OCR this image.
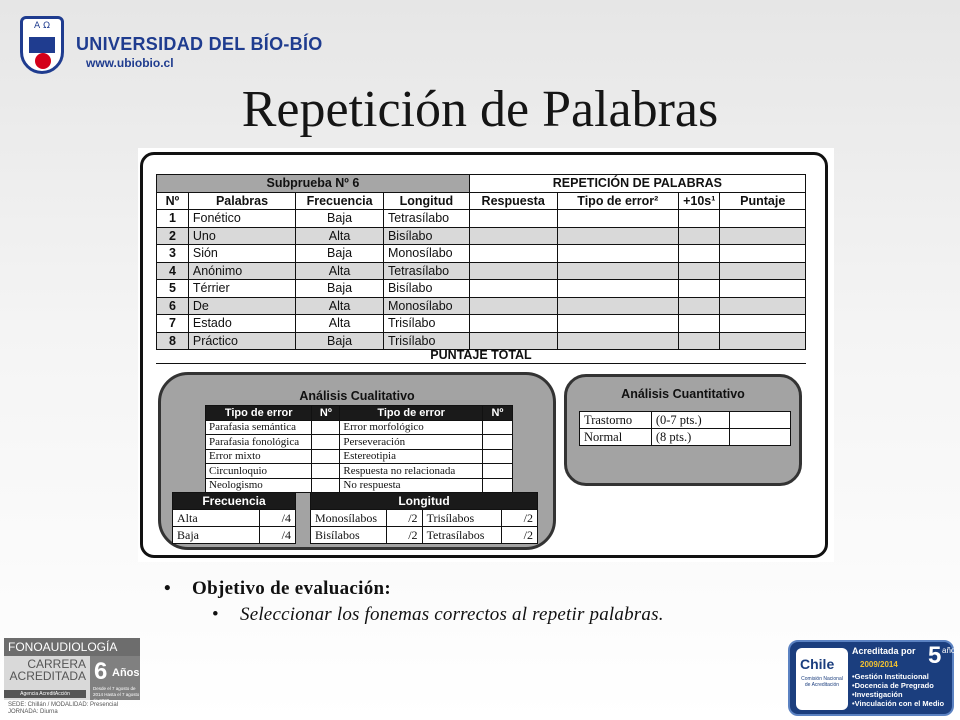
A Ω
UNIVERSIDAD DEL BÍO-BÍO
www.ubiobio.cl
Repetición de Palabras
Subprueba Nº 6				REPETICIÓN DE PALABRAS			
Nº	Palabras	Frecuencia	Longitud	Respuesta	Tipo de error²	+10s¹	Puntaje
1	Fonético	Baja	Tetrasílabo				
2	Uno	Alta	Bisílabo				
3	Sión	Baja	Monosílabo				
4	Anónimo	Alta	Tetrasílabo				
5	Térrier	Baja	Bisílabo				
6	De	Alta	Monosílabo				
7	Estado	Alta	Trisílabo				
8	Práctico	Baja	Trisílabo				
PUNTAJE TOTAL
Análisis Cualitativo
Tipo de error	Nº	Tipo de error	Nº
Parafasia semántica		Error morfológico	
Parafasia fonológica		Perseveración	
Error mixto		Estereotipia	
Circunloquio		Respuesta no relacionada	
Neologismo		No respuesta	
Análisis Cuantitativo
Trastorno	(0-7 pts.)	
Normal	(8 pts.)	
Frecuencia	
Alta	/4
Baja	/4
Longitud			
Monosílabos	/2	Trisílabos	/2
Bisílabos	/2	Tetrasílabos	/2
• Objetivo de evaluación:
• Seleccionar los fonemas correctos al repetir palabras.
FONOAUDIOLOGÍA
CARRERA
ACREDITADA
Agencia AcreditAcción
6 Años
Desde el 7 agosto de 2014 Hasta el 7 agosto de 2020
SEDE: Chillán / MODALIDAD: Presencial
JORNADA: Diurna
Chile
Comisión Nacional de Acreditación
Acreditada por 5 años
2009/2014
• Gestión Institucional
• Docencia de Pregrado
• Investigación
• Vinculación con el Medio
